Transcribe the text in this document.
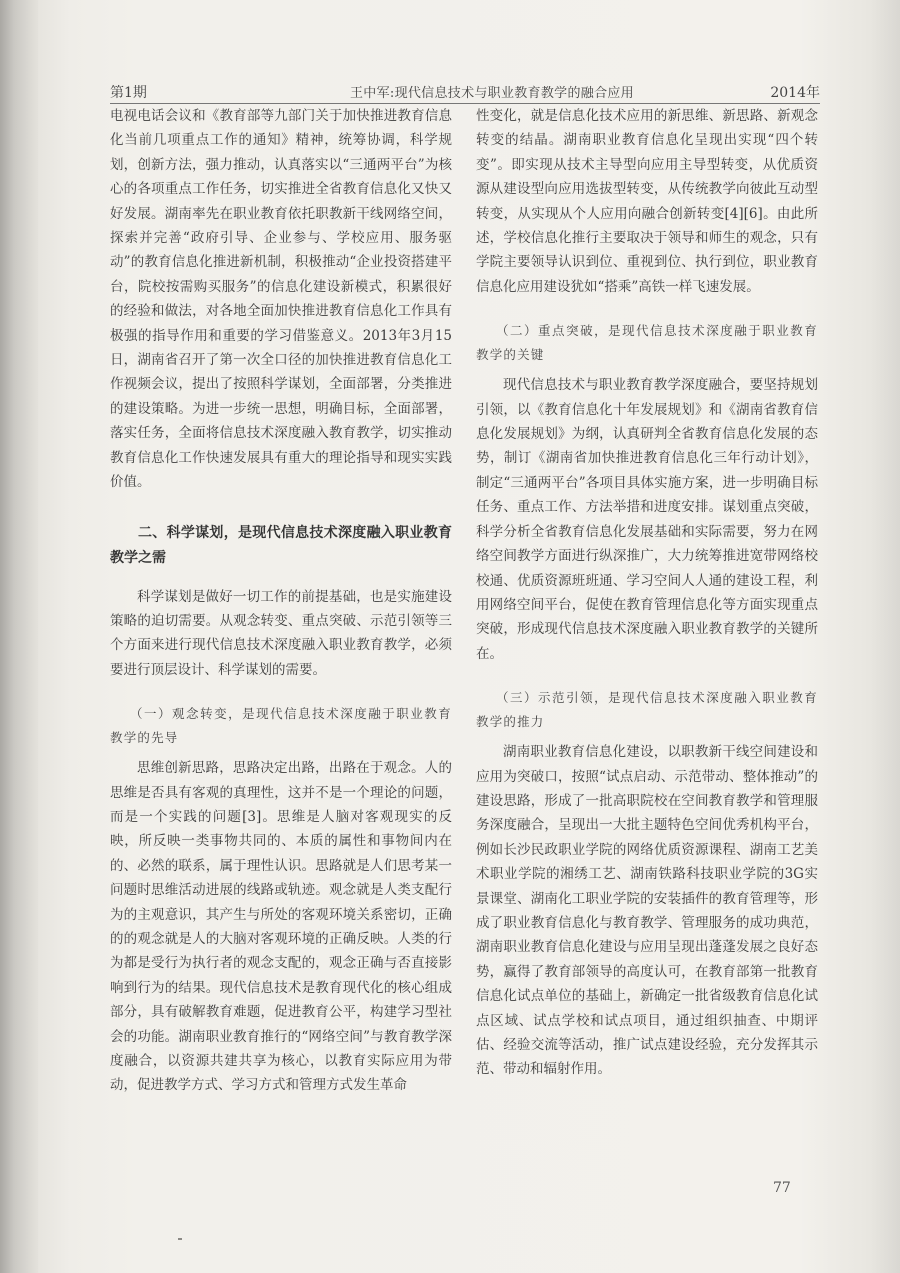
第1期	王中军:现代信息技术与职业教育教学的融合应用	2014年

电视电话会议和《教育部等九部门关于加快推进教育信息化当前几项重点工作的通知》精神，统筹协调，科学规划，创新方法，强力推动，认真落实以“三通两平台”为核心的各项重点工作任务，切实推进全省教育信息化又快又好发展。湖南率先在职业教育依托职教新干线网络空间，探索并完善“政府引导、企业参与、学校应用、服务驱动”的教育信息化推进新机制，积极推动“企业投资搭建平台，院校按需购买服务”的信息化建设新模式，积累很好的经验和做法，对各地全面加快推进教育信息化工作具有极强的指导作用和重要的学习借鉴意义。2013年3月15日，湖南省召开了第一次全口径的加快推进教育信息化工作视频会议，提出了按照科学谋划，全面部署，分类推进的建设策略。为进一步统一思想，明确目标，全面部署，落实任务，全面将信息技术深度融入教育教学，切实推动教育信息化工作快速发展具有重大的理论指导和现实实践价值。

二、科学谋划，是现代信息技术深度融入职业教育教学之需

科学谋划是做好一切工作的前提基础，也是实施建设策略的迫切需要。从观念转变、重点突破、示范引领等三个方面来进行现代信息技术深度融入职业教育教学，必须要进行顶层设计、科学谋划的需要。

（一）观念转变，是现代信息技术深度融于职业教育教学的先导

思维创新思路，思路决定出路，出路在于观念。人的思维是否具有客观的真理性，这并不是一个理论的问题，而是一个实践的问题[3]。思维是人脑对客观现实的反映，所反映一类事物共同的、本质的属性和事物间内在的、必然的联系，属于理性认识。思路就是人们思考某一问题时思维活动进展的线路或轨迹。观念就是人类支配行为的主观意识，其产生与所处的客观环境关系密切，正确的的观念就是人的大脑对客观环境的正确反映。人类的行为都是受行为执行者的观念支配的，观念正确与否直接影响到行为的结果。现代信息技术是教育现代化的核心组成部分，具有破解教育难题，促进教育公平，构建学习型社会的功能。湖南职业教育推行的“网络空间”与教育教学深度融合，以资源共建共享为核心，以教育实际应用为带动，促进教学方式、学习方式和管理方式发生革命

性变化，就是信息化技术应用的新思维、新思路、新观念转变的结晶。湖南职业教育信息化呈现出实现“四个转变”。即实现从技术主导型向应用主导型转变，从优质资源从建设型向应用选拔型转变，从传统教学向彼此互动型转变，从实现从个人应用向融合创新转变[4][6]。由此所述，学校信息化推行主要取决于领导和师生的观念，只有学院主要领导认识到位、重视到位、执行到位，职业教育信息化应用建设犹如“搭乘”高铁一样飞速发展。

（二）重点突破，是现代信息技术深度融于职业教育教学的关键

现代信息技术与职业教育教学深度融合，要坚持规划引领，以《教育信息化十年发展规划》和《湖南省教育信息化发展规划》为纲，认真研判全省教育信息化发展的态势，制订《湖南省加快推进教育信息化三年行动计划》，制定“三通两平台”各项目具体实施方案，进一步明确目标任务、重点工作、方法举措和进度安排。谋划重点突破，科学分析全省教育信息化发展基础和实际需要，努力在网络空间教学方面进行纵深推广，大力统筹推进宽带网络校校通、优质资源班班通、学习空间人人通的建设工程，利用网络空间平台，促使在教育管理信息化等方面实现重点突破，形成现代信息技术深度融入职业教育教学的关键所在。

（三）示范引领，是现代信息技术深度融入职业教育教学的推力

湖南职业教育信息化建设，以职教新干线空间建设和应用为突破口，按照“试点启动、示范带动、整体推动”的建设思路，形成了一批高职院校在空间教育教学和管理服务深度融合，呈现出一大批主题特色空间优秀机构平台，例如长沙民政职业学院的网络优质资源课程、湖南工艺美术职业学院的湘绣工艺、湖南铁路科技职业学院的3G实景课堂、湖南化工职业学院的安装插件的教育管理等，形成了职业教育信息化与教育教学、管理服务的成功典范，湖南职业教育信息化建设与应用呈现出蓬蓬发展之良好态势，赢得了教育部领导的高度认可，在教育部第一批教育信息化试点单位的基础上，新确定一批省级教育信息化试点区域、试点学校和试点项目，通过组织抽查、中期评估、经验交流等活动，推广试点建设经验，充分发挥其示范、带动和辐射作用。

77
